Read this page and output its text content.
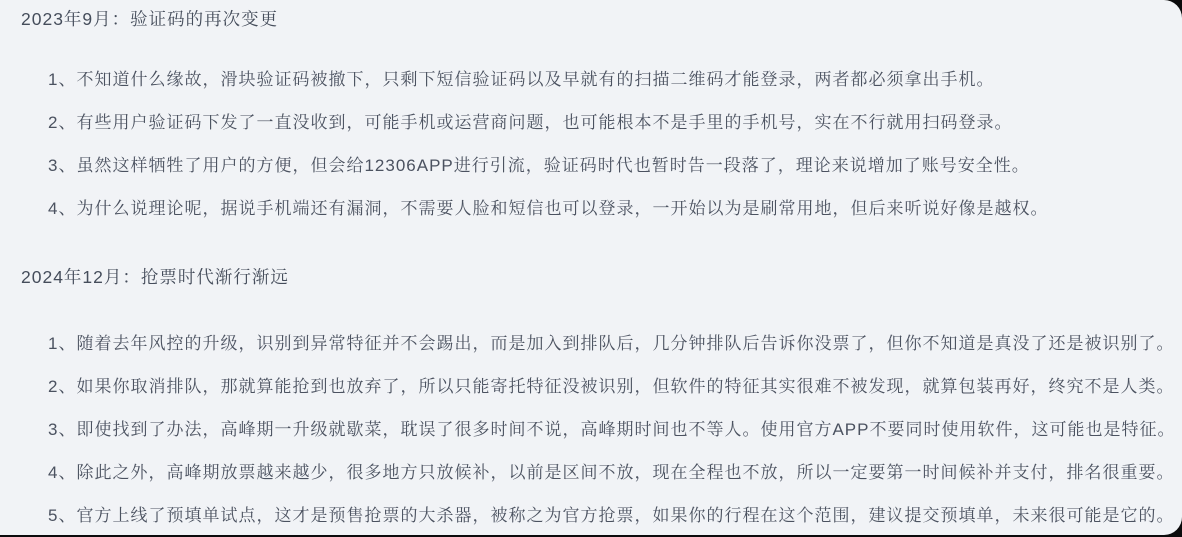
2023年9月：验证码的再次变更

1、不知道什么缘故，滑块验证码被撤下，只剩下短信验证码以及早就有的扫描二维码才能登录，两者都必须拿出手机。

2、有些用户验证码下发了一直没收到，可能手机或运营商问题，也可能根本不是手里的手机号，实在不行就用扫码登录。

3、虽然这样牺牲了用户的方便，但会给12306APP进行引流，验证码时代也暂时告一段落了，理论来说增加了账号安全性。

4、为什么说理论呢，据说手机端还有漏洞，不需要人脸和短信也可以登录，一开始以为是刷常用地，但后来听说好像是越权。

2024年12月：抢票时代渐行渐远

1、随着去年风控的升级，识别到异常特征并不会踢出，而是加入到排队后，几分钟排队后告诉你没票了，但你不知道是真没了还是被识别了。

2、如果你取消排队，那就算能抢到也放弃了，所以只能寄托特征没被识别，但软件的特征其实很难不被发现，就算包装再好，终究不是人类。

3、即使找到了办法，高峰期一升级就歇菜，耽误了很多时间不说，高峰期时间也不等人。使用官方APP不要同时使用软件，这可能也是特征。

4、除此之外，高峰期放票越来越少，很多地方只放候补，以前是区间不放，现在全程也不放，所以一定要第一时间候补并支付，排名很重要。

5、官方上线了预填单试点，这才是预售抢票的大杀器，被称之为官方抢票，如果你的行程在这个范围，建议提交预填单，未来很可能是它的。
